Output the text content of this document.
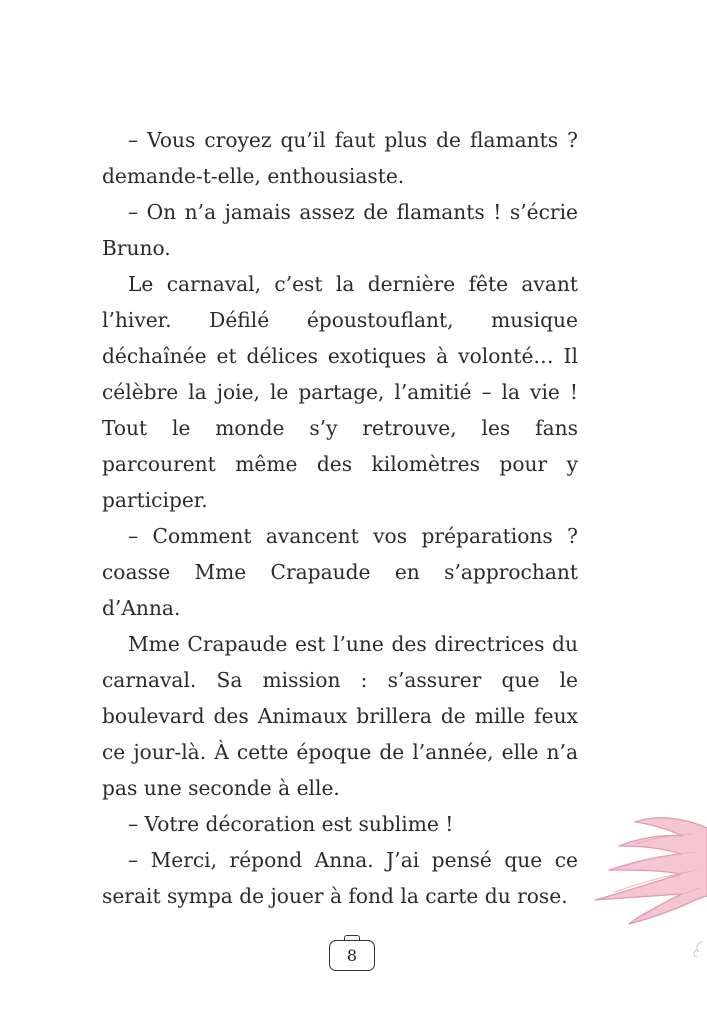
– Vous croyez qu’il faut plus de flamants ? demande-t-elle, enthousiaste.

– On n’a jamais assez de flamants ! s’écrie Bruno.

Le carnaval, c’est la dernière fête avant l’hiver. Défilé époustouflant, musique déchaînée et délices exotiques à volonté… Il célèbre la joie, le partage, l’amitié – la vie ! Tout le monde s’y retrouve, les fans parcourent même des kilomètres pour y participer.

– Comment avancent vos préparations ? coasse Mme Crapaude en s’approchant d’Anna.

Mme Crapaude est l’une des directrices du carnaval. Sa mission : s’assurer que le boulevard des Animaux brillera de mille feux ce jour-là. À cette époque de l’année, elle n’a pas une seconde à elle.

– Votre décoration est sublime !

– Merci, répond Anna. J’ai pensé que ce serait sympa de jouer à fond la carte du rose.

8
